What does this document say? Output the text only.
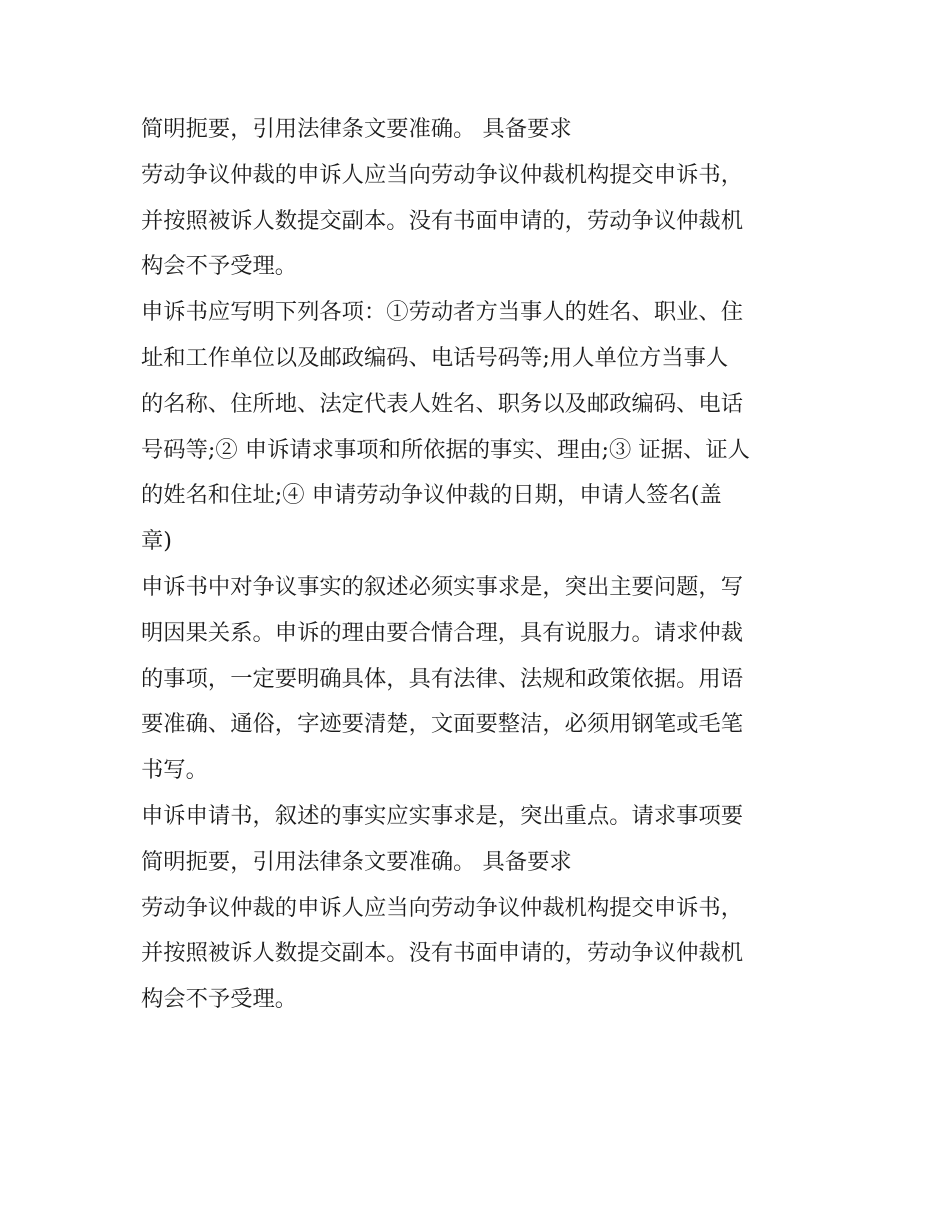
简明扼要，引用法律条文要准确。 具备要求
劳动争议仲裁的申诉人应当向劳动争议仲裁机构提交申诉书，
并按照被诉人数提交副本。没有书面申请的，劳动争议仲裁机
构会不予受理。
申诉书应写明下列各项：①劳动者方当事人的姓名、职业、住
址和工作单位以及邮政编码、电话号码等;用人单位方当事人
的名称、住所地、法定代表人姓名、职务以及邮政编码、电话
号码等;② 申诉请求事项和所依据的事实、理由;③ 证据、证人
的姓名和住址;④ 申请劳动争议仲裁的日期，申请人签名(盖
章)
申诉书中对争议事实的叙述必须实事求是，突出主要问题，写
明因果关系。申诉的理由要合情合理，具有说服力。请求仲裁
的事项，一定要明确具体，具有法律、法规和政策依据。用语
要准确、通俗，字迹要清楚，文面要整洁，必须用钢笔或毛笔
书写。
申诉申请书，叙述的事实应实事求是，突出重点。请求事项要
简明扼要，引用法律条文要准确。 具备要求
劳动争议仲裁的申诉人应当向劳动争议仲裁机构提交申诉书，
并按照被诉人数提交副本。没有书面申请的，劳动争议仲裁机
构会不予受理。
